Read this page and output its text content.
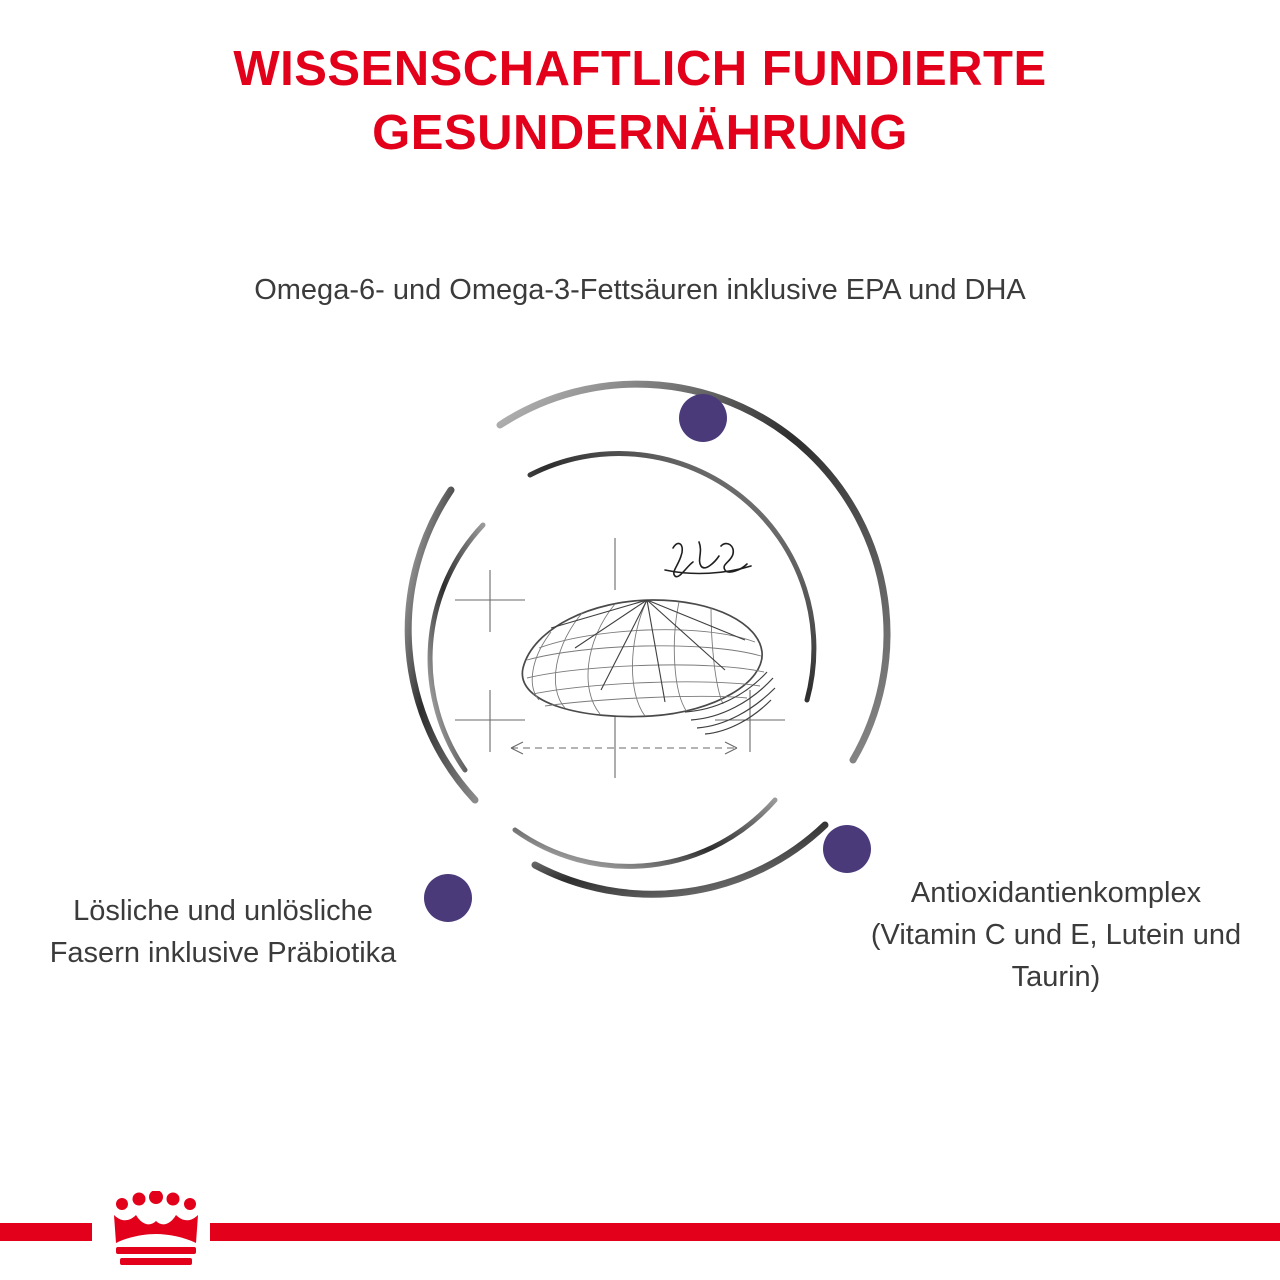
WISSENSCHAFTLICH FUNDIERTE
GESUNDERNÄHRUNG
Omega-6- und Omega-3-Fettsäuren inklusive EPA und DHA
Lösliche und unlösliche Fasern inklusive Präbiotika
Antioxidantienkomplex (Vitamin C und E, Lutein und Taurin)
